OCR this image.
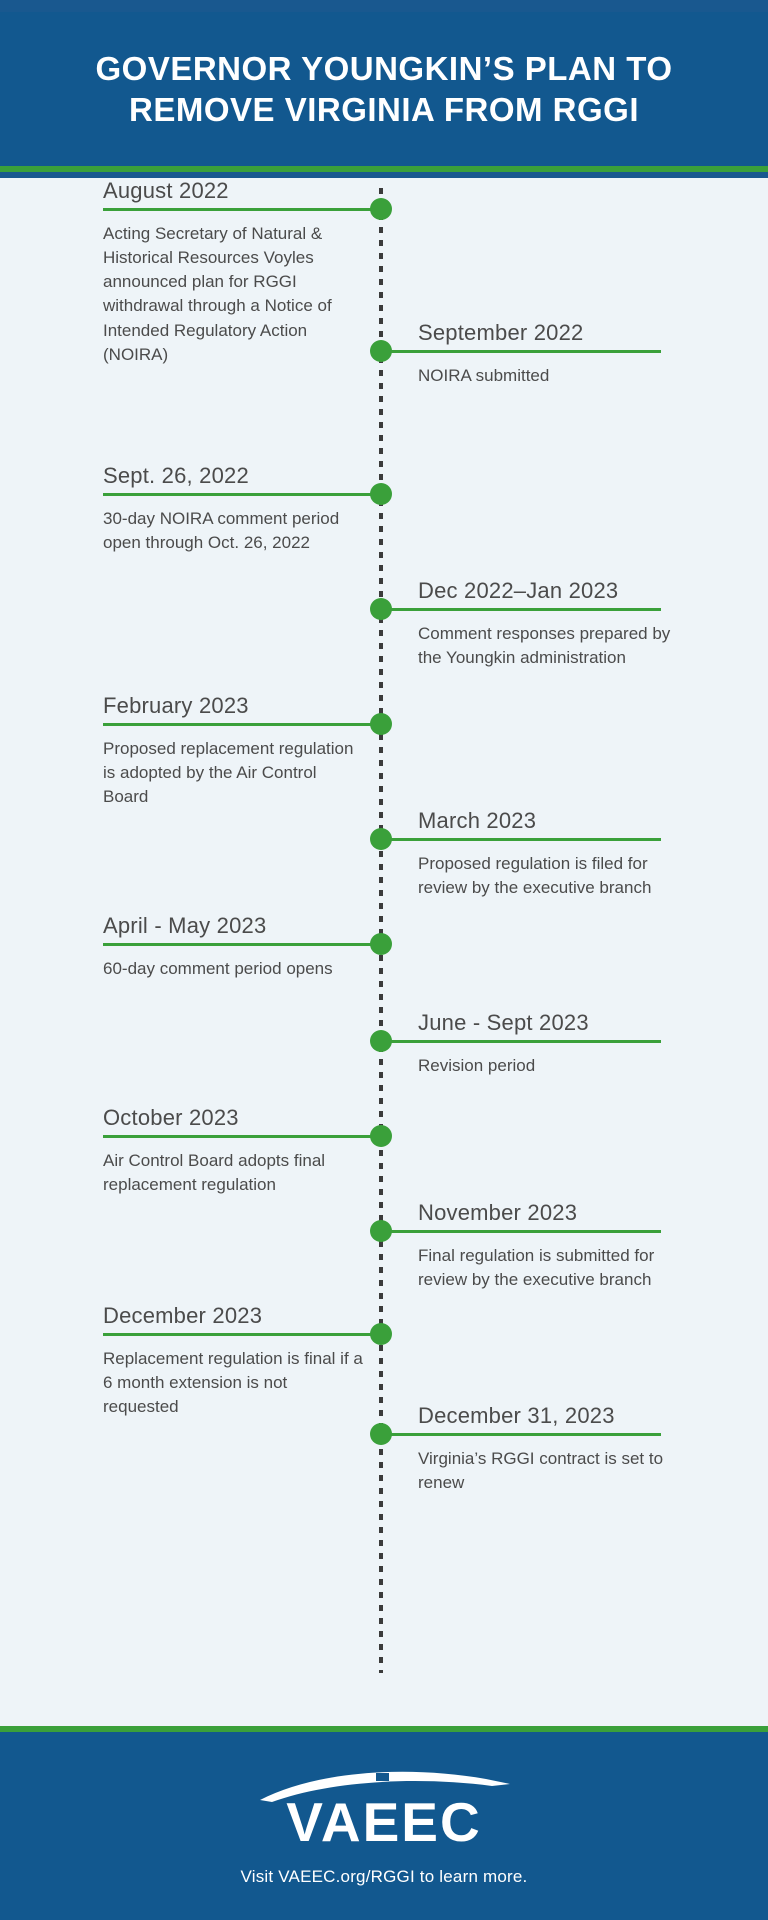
GOVERNOR YOUNGKIN’S PLAN TO REMOVE VIRGINIA FROM RGGI
August 2022
Acting Secretary of Natural & Historical Resources Voyles announced plan for RGGI withdrawal through a Notice of Intended Regulatory Action (NOIRA)
September 2022
NOIRA submitted
Sept. 26, 2022
30-day NOIRA comment period open through Oct. 26, 2022
Dec 2022–Jan 2023
Comment responses prepared by the Youngkin administration
February 2023
Proposed replacement regulation is adopted by the Air Control Board
March 2023
Proposed regulation is filed for review by the executive branch
April - May 2023
60-day comment period opens
June - Sept 2023
Revision period
October 2023
Air Control Board adopts final replacement regulation
November 2023
Final regulation is submitted for review by the executive branch
December 2023
Replacement regulation is final if a 6 month extension is not requested	December 31, 2023
Virginia’s RGGI contract is set to renew
VAEEC
Visit VAEEC.org/RGGI to learn more.
